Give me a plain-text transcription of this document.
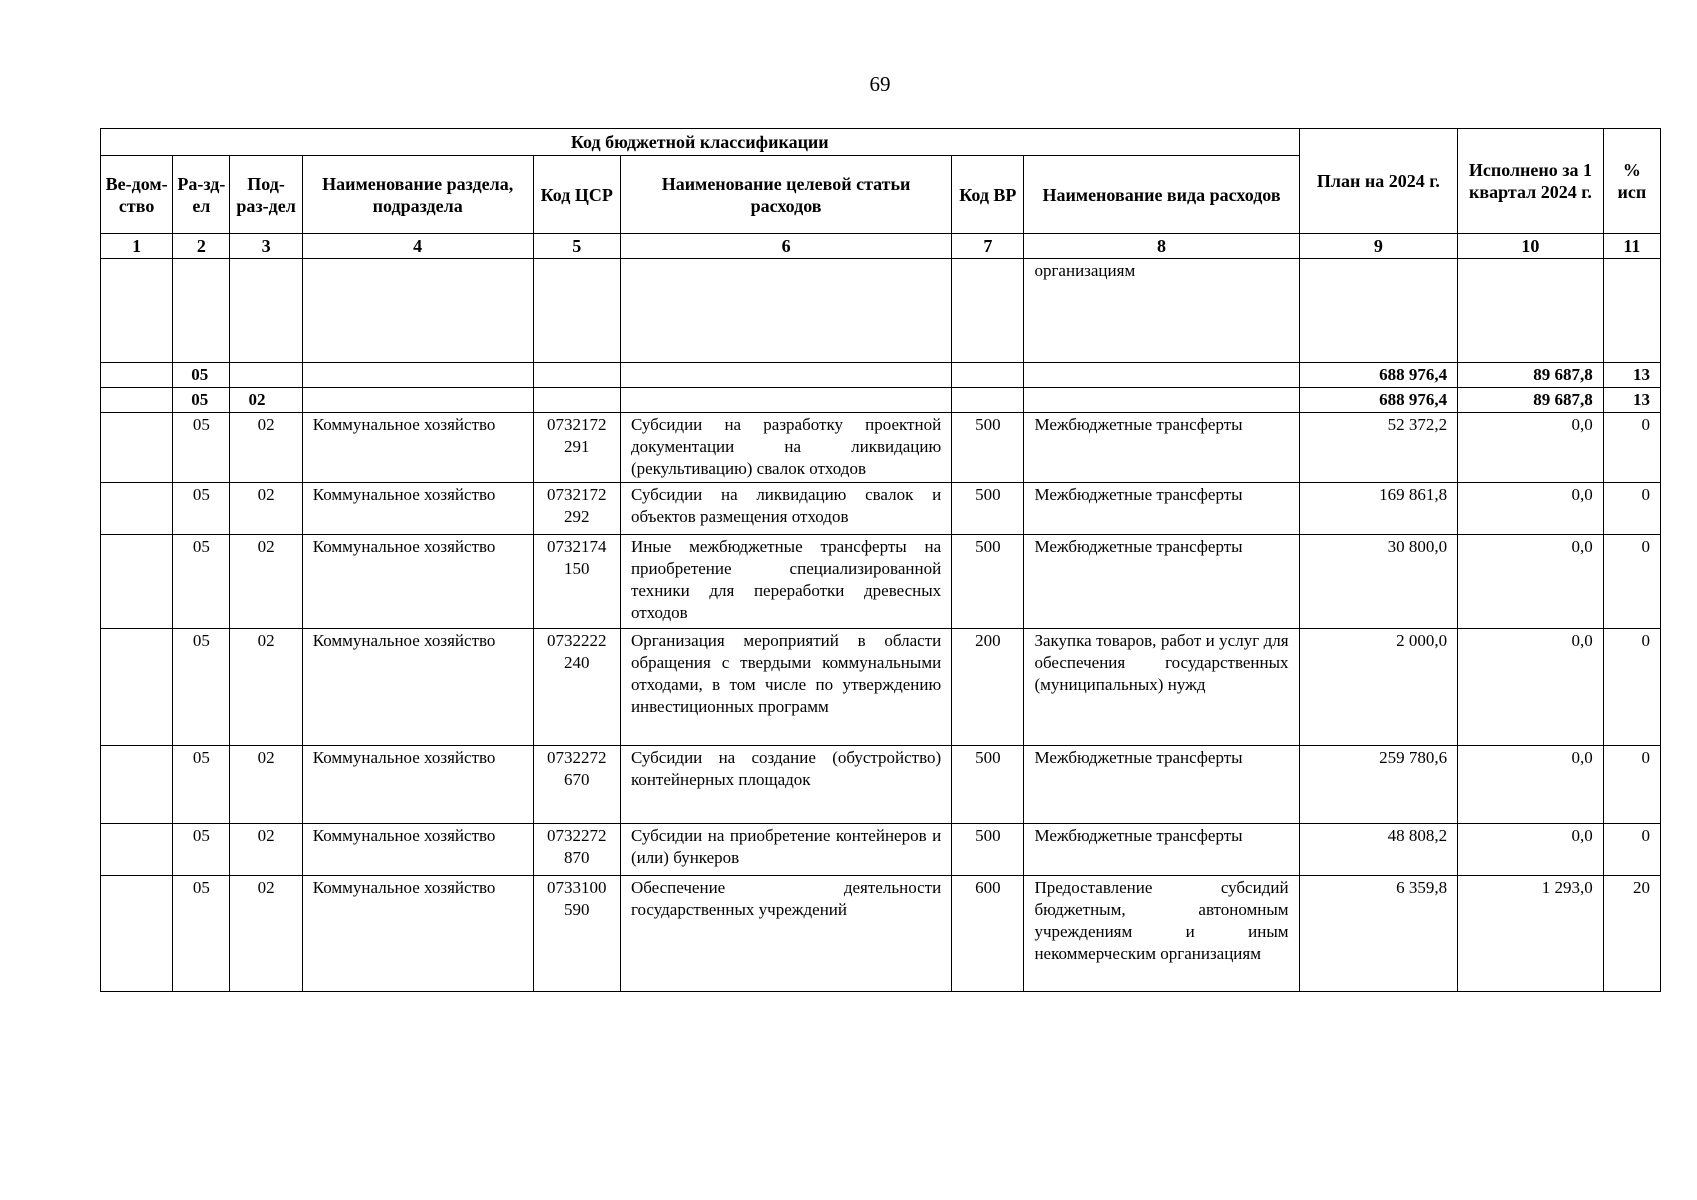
69
Код бюджетной классификации								План на 2024 г.	Исполнено за 1 квартал 2024 г.	% исп
Ве-дом-ство	Ра-зд-ел	Под-раз-дел	Наименование раздела, подраздела	Код ЦСР	Наименование целевой статьи расходов	Код ВР	Наименование вида расходов			
1	2	3	4	5	6	7	8	9	10	11
							организациям			
	05							688 976,4	89 687,8	13
	05	02						688 976,4	89 687,8	13
	05	02	Коммунальное хозяйство	0732172291	Субсидии на разработку проектной документации на ликвидацию (рекультивацию) свалок отходов	500	Межбюджетные трансферты	52 372,2	0,0	0
	05	02	Коммунальное хозяйство	0732172292	Субсидии на ликвидацию свалок и объектов размещения отходов	500	Межбюджетные трансферты	169 861,8	0,0	0
	05	02	Коммунальное хозяйство	0732174150	Иные межбюджетные трансферты на приобретение специализированной техники для переработки древесных отходов	500	Межбюджетные трансферты	30 800,0	0,0	0
	05	02	Коммунальное хозяйство	0732222240	Организация мероприятий в области обращения с твердыми коммунальными отходами, в том числе по утверждению инвестиционных программ	200	Закупка товаров, работ и услуг для обеспечения государственных (муниципальных) нужд	2 000,0	0,0	0
	05	02	Коммунальное хозяйство	0732272670	Субсидии на создание (обустройство) контейнерных площадок	500	Межбюджетные трансферты	259 780,6	0,0	0
	05	02	Коммунальное хозяйство	0732272870	Субсидии на приобретение контейнеров и (или) бункеров	500	Межбюджетные трансферты	48 808,2	0,0	0
	05	02	Коммунальное хозяйство	0733100590	Обеспечение деятельности государственных учреждений	600	Предоставление субсидий бюджетным, автономным учреждениям и иным некоммерческим организациям	6 359,8	1 293,0	20
